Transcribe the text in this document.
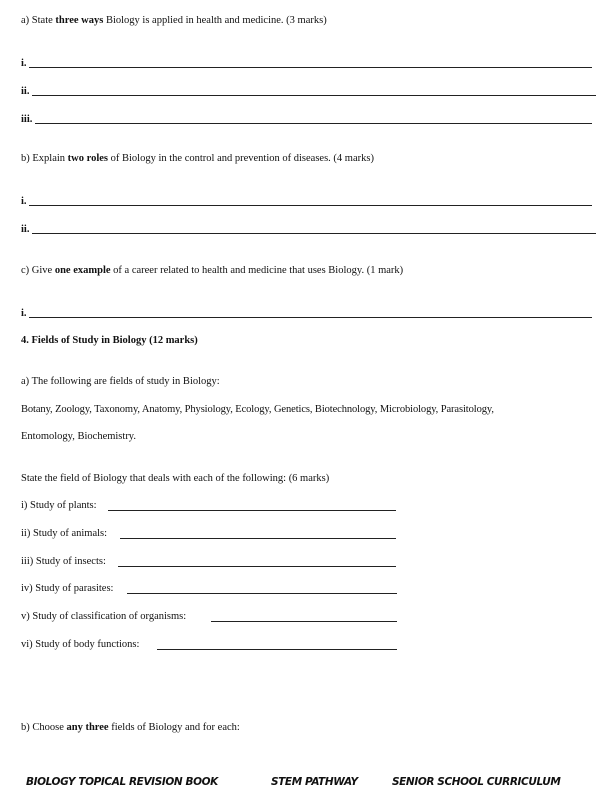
a) State three ways Biology is applied in health and medicine. (3 marks)
i.
ii.
iii.
b) Explain two roles of Biology in the control and prevention of diseases. (4 marks)
i.
ii.
c) Give one example of a career related to health and medicine that uses Biology. (1 mark)
i.
4. Fields of Study in Biology (12 marks)
a) The following are fields of study in Biology:
Botany, Zoology, Taxonomy, Anatomy, Physiology, Ecology, Genetics, Biotechnology, Microbiology, Parasitology,
Entomology, Biochemistry.
State the field of Biology that deals with each of the following: (6 marks)
i) Study of plants:
ii) Study of animals:
iii) Study of insects:
iv) Study of parasites:
v) Study of classification of organisms:
vi) Study of body functions:
b) Choose any three fields of Biology and for each:
BIOLOGY TOPICAL REVISION BOOK	STEM PATHWAY	SENIOR SCHOOL CURRICULUM
